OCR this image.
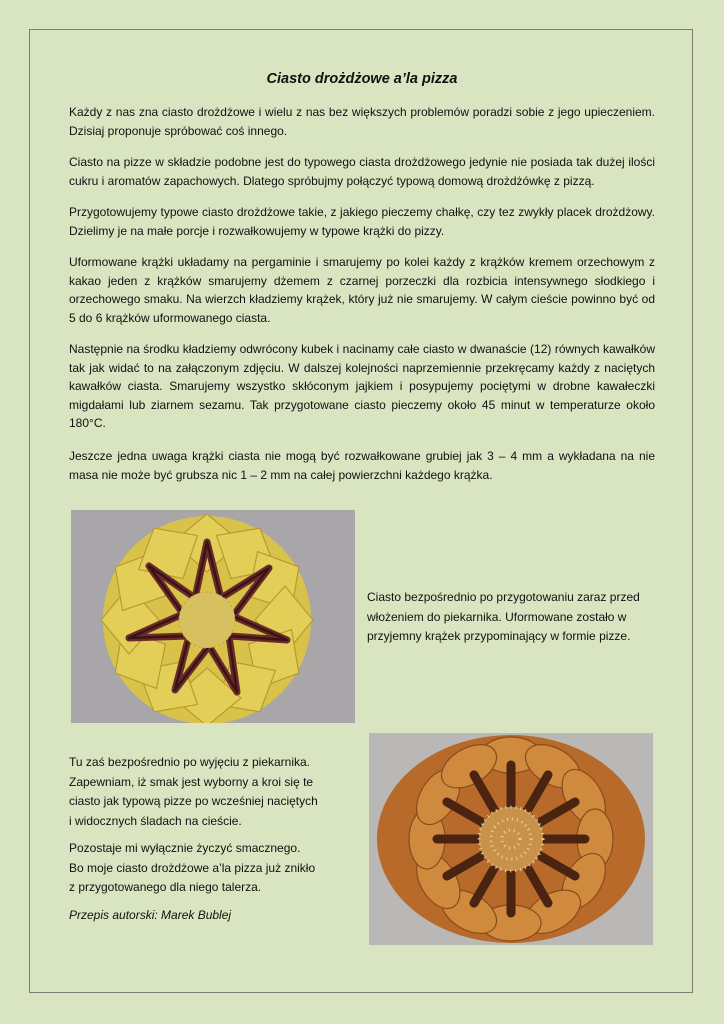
Ciasto drożdżowe a’la pizza

Każdy z nas zna ciasto drożdżowe i wielu z nas bez większych problemów poradzi sobie z jego upieczeniem. Dzisiaj proponuje spróbować coś innego.

Ciasto na pizze w składzie podobne jest do typowego ciasta drożdżowego jedynie nie posiada tak dużej ilości cukru i aromatów zapachowych. Dlatego spróbujmy połączyć typową domową drożdżówkę z pizzą.

Przygotowujemy typowe ciasto drożdżowe takie, z jakiego pieczemy chałkę, czy tez zwykły placek drożdżowy. Dzielimy je na małe porcje i rozwałkowujemy w typowe krążki do pizzy.

Uformowane krążki układamy na pergaminie i smarujemy po kolei każdy z krążków kremem orzechowym z kakao jeden z krążków smarujemy dżemem z czarnej porzeczki dla rozbicia intensywnego słodkiego i orzechowego smaku. Na wierzch kładziemy krążek, który już nie smarujemy. W całym cieście powinno być od 5 do 6 krążków uformowanego ciasta.

Następnie na środku kładziemy odwrócony kubek i nacinamy całe ciasto w dwanaście (12) równych kawałków tak jak widać to na załączonym zdjęciu. W dalszej kolejności naprzemiennie przekręcamy każdy z naciętych kawałków ciasta. Smarujemy wszystko skłóconym jajkiem i posypujemy pociętymi w drobne kawałeczki migdałami lub ziarnem sezamu. Tak przygotowane ciasto pieczemy około 45 minut w temperaturze około 180°C.

Jeszcze jedna uwaga krążki ciasta nie mogą być rozwałkowane grubiej jak 3 – 4 mm a wykładana na nie masa nie może być grubsza nic 1 – 2 mm na całej powierzchni każdego krążka.

Ciasto bezpośrednio po przygotowaniu zaraz przed
włożeniem do piekarnika. Uformowane zostało w
przyjemny krążek przypominający w formie pizze.
Tu zaś bezpośrednio po wyjęciu z piekarnika.
Zapewniam, iż smak jest wyborny a kroi się te
ciasto jak typową pizze po wcześniej naciętych
i widocznych śladach na cieście.
Pozostaje mi wyłącznie życzyć smacznego.
Bo moje ciasto drożdżowe a’la pizza już znikło
z przygotowanego dla niego talerza.
Przepis autorski: Marek Bublej
